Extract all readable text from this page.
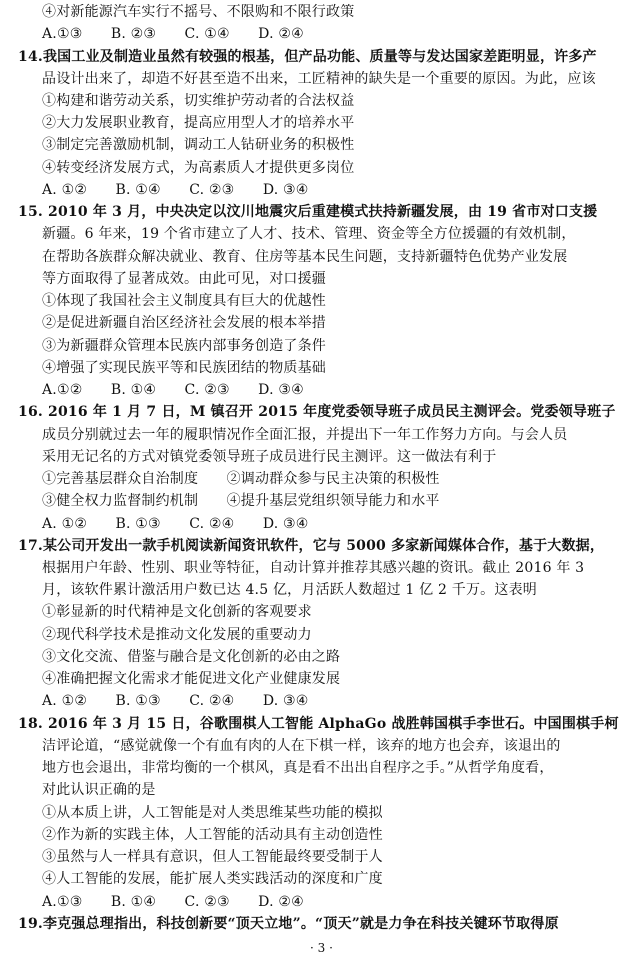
④对新能源汽车实行不摇号、不限购和不限行政策
A.①③　　B. ②③　　C. ①④　　D. ②④
14.我国工业及制造业虽然有较强的根基，但产品功能、质量等与发达国家差距明显，许多产
品设计出来了，却造不好甚至造不出来，工匠精神的缺失是一个重要的原因。为此，应该
①构建和谐劳动关系，切实维护劳动者的合法权益
②大力发展职业教育，提高应用型人才的培养水平
③制定完善激励机制，调动工人钻研业务的积极性
④转变经济发展方式，为高素质人才提供更多岗位
A. ①②　　B. ①④　　C. ②③　　D. ③④
15. 2010 年 3 月，中央决定以汶川地震灾后重建模式扶持新疆发展，由 19 省市对口支援
新疆。6 年来，19 个省市建立了人才、技术、管理、资金等全方位援疆的有效机制，
在帮助各族群众解决就业、教育、住房等基本民生问题，支持新疆特色优势产业发展
等方面取得了显著成效。由此可见，对口援疆
①体现了我国社会主义制度具有巨大的优越性
②是促进新疆自治区经济社会发展的根本举措
③为新疆群众管理本民族内部事务创造了条件
④增强了实现民族平等和民族团结的物质基础
A.①②　　B. ①④　　C. ②③　　D. ③④
16. 2016 年 1 月 7 日，M 镇召开 2015 年度党委领导班子成员民主测评会。党委领导班子
成员分别就过去一年的履职情况作全面汇报，并提出下一年工作努力方向。与会人员
采用无记名的方式对镇党委领导班子成员进行民主测评。这一做法有利于
①完善基层群众自治制度　　②调动群众参与民主决策的积极性
③健全权力监督制约机制　　④提升基层党组织领导能力和水平
A. ①②　　B. ①③　　C. ②④　　D. ③④
17.某公司开发出一款手机阅读新闻资讯软件，它与 5000 多家新闻媒体合作，基于大数据，
根据用户年龄、性别、职业等特征，自动计算并推荐其感兴趣的资讯。截止 2016 年 3
月，该软件累计激活用户数已达 4.5 亿，月活跃人数超过 1 亿 2 千万。这表明
①彰显新的时代精神是文化创新的客观要求
②现代科学技术是推动文化发展的重要动力
③文化交流、借鉴与融合是文化创新的必由之路
④准确把握文化需求才能促进文化产业健康发展
A. ①②　　B. ①③　　C. ②④　　D. ③④
18. 2016 年 3 月 15 日，谷歌围棋人工智能 AlphaGo 战胜韩国棋手李世石。中国围棋手柯
洁评论道，“感觉就像一个有血有肉的人在下棋一样，该弃的地方也会弃，该退出的
地方也会退出，非常均衡的一个棋风，真是看不出出自程序之手。”从哲学角度看，
对此认识正确的是
①从本质上讲，人工智能是对人类思维某些功能的模拟
②作为新的实践主体，人工智能的活动具有主动创造性
③虽然与人一样具有意识，但人工智能最终要受制于人
④人工智能的发展，能扩展人类实践活动的深度和广度
A.①③　　B. ①④　　C. ②③　　D. ②④
19.李克强总理指出，科技创新要“顶天立地”。“顶天”就是力争在科技关键环节取得原
· 3 ·
